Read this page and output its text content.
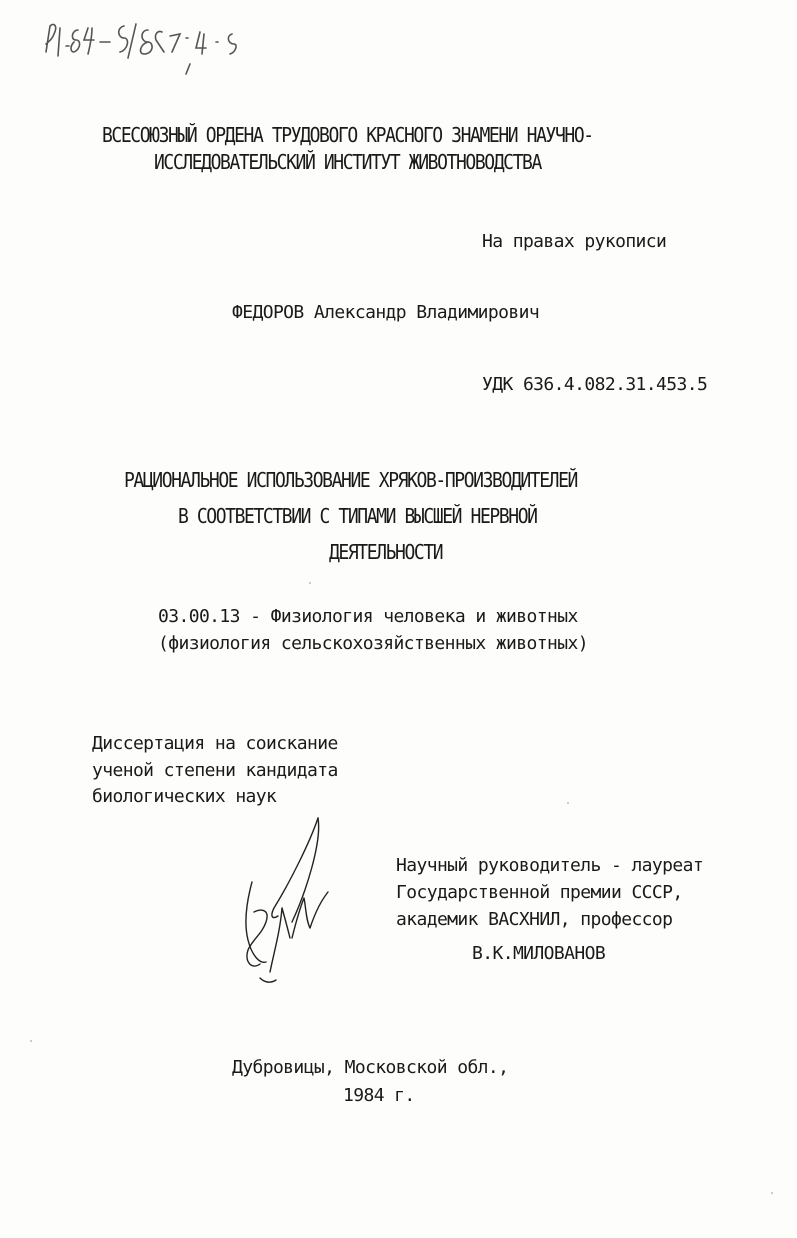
ВСЕСОЮЗНЫЙ ОРДЕНА ТРУДОВОГО КРАСНОГО ЗНАМЕНИ НАУЧНО-
ИССЛЕДОВАТЕЛЬСКИЙ ИНСТИТУТ ЖИВОТНОВОДСТВА
На правах рукописи
ФЕДОРОВ Александр Владимирович
УДК 636.4.082.31.453.5
РАЦИОНАЛЬНОЕ ИСПОЛЬЗОВАНИЕ ХРЯКОВ-ПРОИЗВОДИТЕЛЕЙ
В СООТВЕТСТВИИ С ТИПАМИ ВЫСШЕЙ НЕРВНОЙ
ДЕЯТЕЛЬНОСТИ
03.00.13 - Физиология человека и животных
(физиология сельскохозяйственных животных)
Диссертация на соискание
ученой степени кандидата
биологических наук
Научный руководитель - лауреат
Государственной премии СССР,
академик ВАСХНИЛ, профессор
В.К.МИЛОВАНОВ
Дубровицы, Московской обл.,
1984 г.
